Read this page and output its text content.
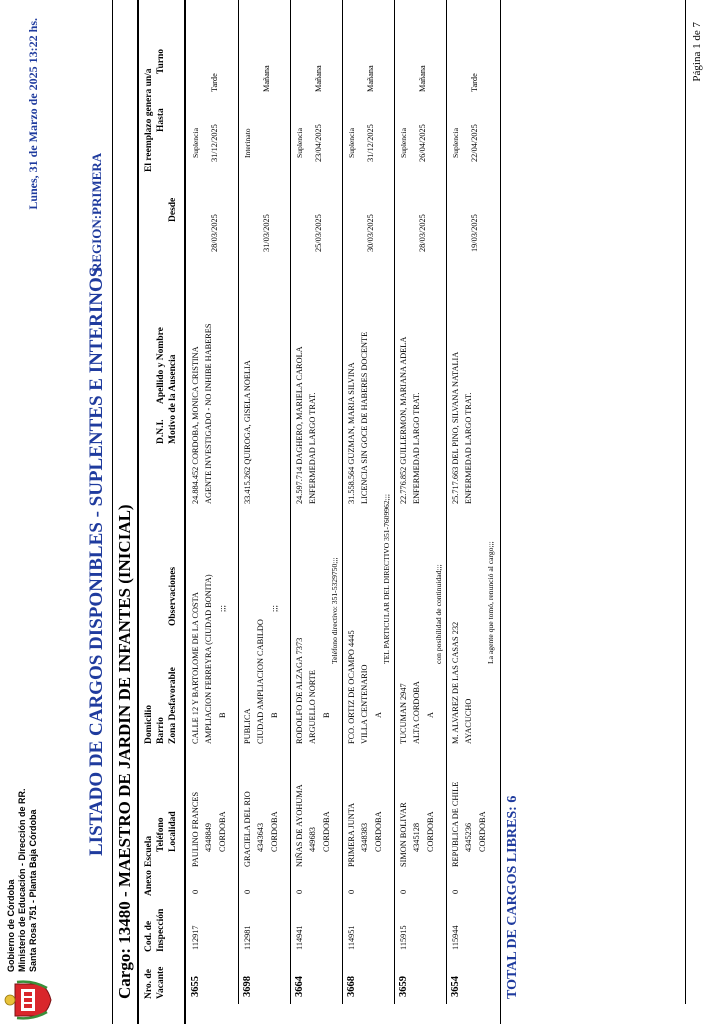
Gobierno de Córdoba Ministerio de Educación - Dirección de RR. Santa Rosa 751 - Planta Baja Córdoba
Lunes, 31 de Marzo de 2025 13:22 hs.
LISTADO DE CARGOS DISPONIBLES - SUPLENTES E INTERINOS
REGION:PRIMERA
Cargo: 13480 - MAESTRO DE JARDIN DE INFANTES (INICIAL) Nro. de Vacante
Cod. de Inspección
Anexo
Escuela Teléfono Localidad
Domicilio Barrio Zona Desfavorable
Observaciones
D.N.I.
Apellido y Nombre Motivo de la Ausencia
El reemplazo genera un/a
Desde
Hasta
Turno
3655
112917
0
PAULINO FRANCES 4348849 CORDOBA
CALLE 12 Y BARTOLOME DE LA COSTA AMPLIACION FERREYRA (CIUDAD BONITA) B
;;;
24.884.452 CORDOBA, MONICA CRISTINA AGENTE INVESTIGADO - NO INHIBE HABERES
28/03/2025
Suplencia 31/12/2025
Tarde
3698
112981
0
GRACIELA DEL RIO 4343643 CORDOBA
PUBLICA CIUDAD AMPLIACION CABILDO B
;;;
33.415.262 QUIROGA, GISELA NOELIA
31/03/2025
Interinato
Mañana
3664
114941
0
NIÑAS DE AYOHUMA 449683 CORDOBA
RODOLFO DE ALZAGA 7373 ARGUELLO NORTE B
Teléfono directivo: 351-5329750;;;
24.597.714 DAGHERO, MARIELA CAROLA ENFERMEDAD LARGO TRAT.
25/03/2025
Suplencia 23/04/2025
Mañana
3668
114951
0
PRIMERA JUNTA 4348383 CORDOBA
FCO. ORTIZ DE OCAMPO 4445 VILLA CENTENARIO A
TEL PARTICULAR DEL DIRECTIVO 351-7609962;;;
31.558.564 GUZMAN, MARIA SILVINA LICENCIA SIN GOCE DE HABERES DOCENTE
30/03/2025
Suplencia 31/12/2025
Mañana
3659
115915
0
SIMON BOLIVAR 4345128 CORDOBA
TUCUMAN 2947 ALTA CORDOBA A
con posibilidad de continuidad;;;
22.776.852 GUILLERMON, MARIANA ADELA ENFERMEDAD LARGO TRAT.
28/03/2025
Suplencia 26/04/2025
Mañana
3654
115944
0
REPUBLICA DE CHILE 4345236 CORDOBA
M. ALVAREZ DE LAS CASAS 232 AYACUCHO
La agente que tomó, renunció al cargo;;;
25.717.663 DEL PINO, SILVANA NATALIA ENFERMEDAD LARGO TRAT.
19/03/2025
Suplencia 22/04/2025
Tarde
TOTAL DE CARGOS LIBRES: 6
Página 1 de 7
